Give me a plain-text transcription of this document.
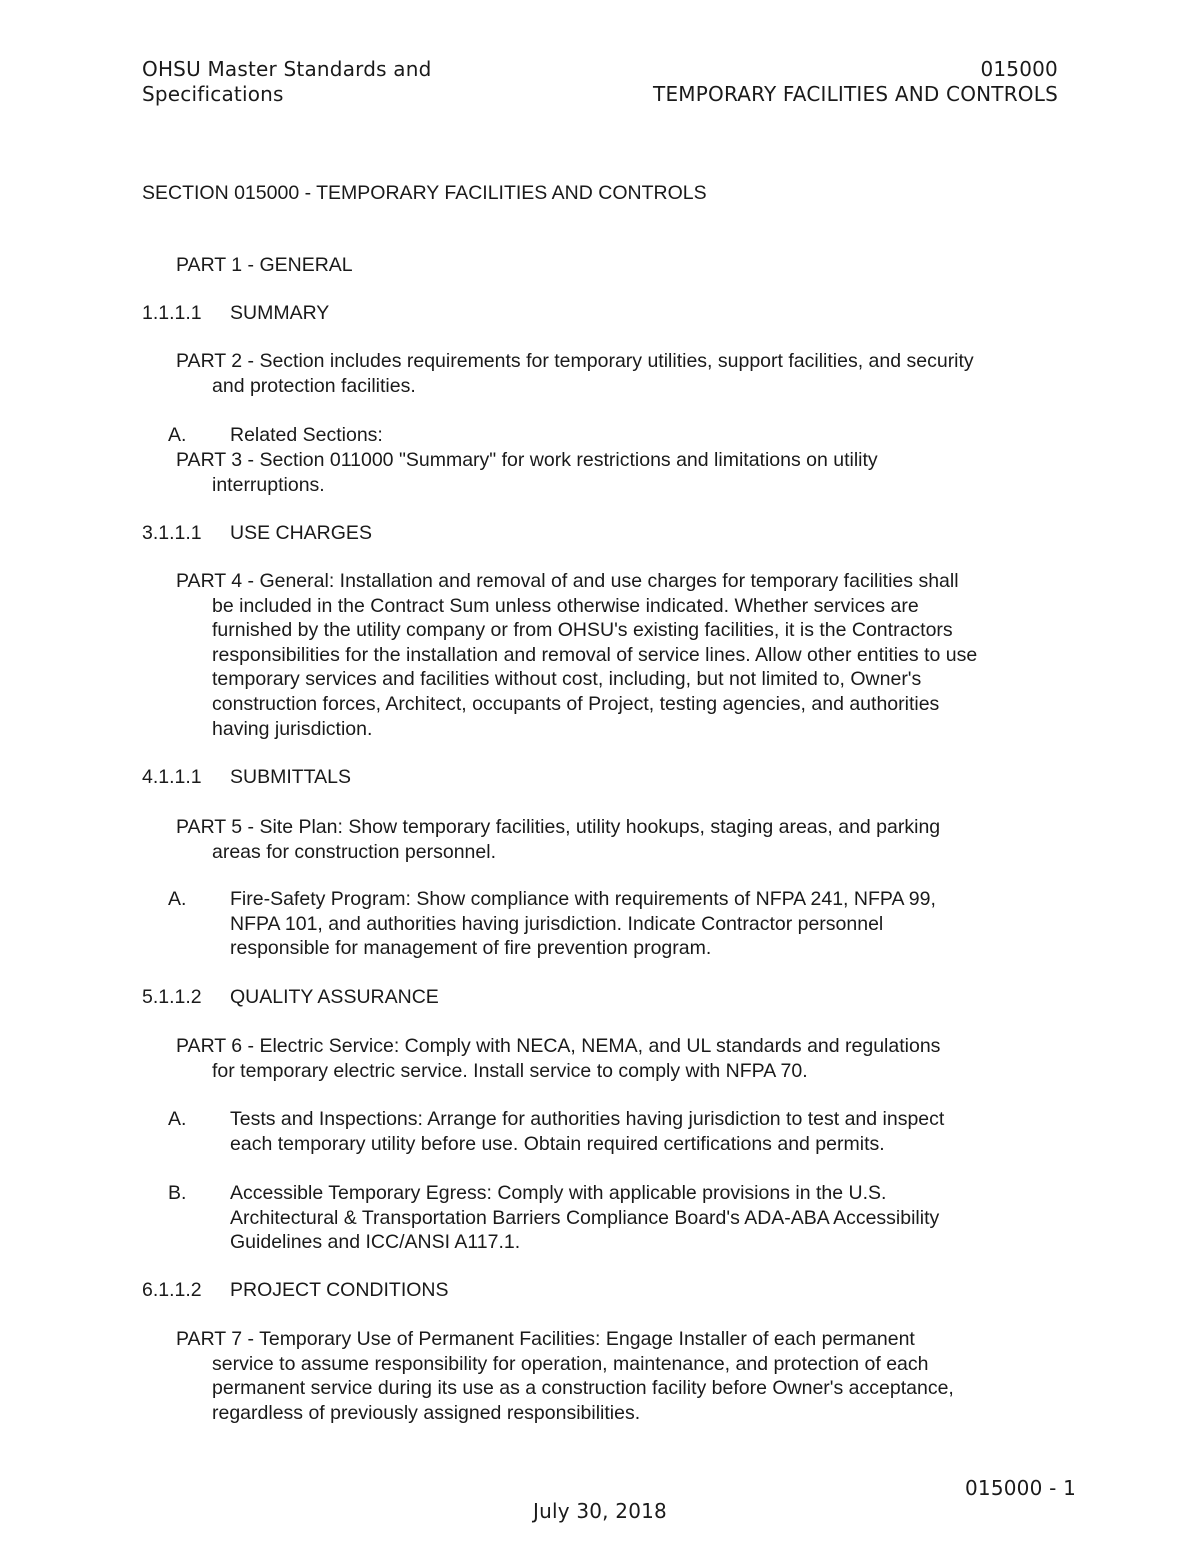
OHSU Master Standards and
Specifications
015000
TEMPORARY FACILITIES AND CONTROLS
SECTION 015000 - TEMPORARY FACILITIES AND CONTROLS
PART 1 - GENERAL
1.1.1.1 SUMMARY
PART 2 - Section includes requirements for temporary utilities, support facilities, and security
and protection facilities.
A. Related Sections:
PART 3 - Section 011000 "Summary" for work restrictions and limitations on utility
interruptions.
3.1.1.1 USE CHARGES
PART 4 - General: Installation and removal of and use charges for temporary facilities shall
be included in the Contract Sum unless otherwise indicated. Whether services are
furnished by the utility company or from OHSU's existing facilities, it is the Contractors
responsibilities for the installation and removal of service lines. Allow other entities to use
temporary services and facilities without cost, including, but not limited to, Owner's
construction forces, Architect, occupants of Project, testing agencies, and authorities
having jurisdiction.
4.1.1.1 SUBMITTALS
PART 5 - Site Plan: Show temporary facilities, utility hookups, staging areas, and parking
areas for construction personnel.
A. Fire-Safety Program: Show compliance with requirements of NFPA 241, NFPA 99,
NFPA 101, and authorities having jurisdiction. Indicate Contractor personnel
responsible for management of fire prevention program.
5.1.1.2 QUALITY ASSURANCE
PART 6 - Electric Service: Comply with NECA, NEMA, and UL standards and regulations
for temporary electric service. Install service to comply with NFPA 70.
A. Tests and Inspections: Arrange for authorities having jurisdiction to test and inspect
each temporary utility before use. Obtain required certifications and permits.
B. Accessible Temporary Egress: Comply with applicable provisions in the U.S.
Architectural & Transportation Barriers Compliance Board's ADA-ABA Accessibility
Guidelines and ICC/ANSI A117.1.
6.1.1.2 PROJECT CONDITIONS
PART 7 - Temporary Use of Permanent Facilities: Engage Installer of each permanent
service to assume responsibility for operation, maintenance, and protection of each
permanent service during its use as a construction facility before Owner's acceptance,
regardless of previously assigned responsibilities.
015000 - 1
July 30, 2018
